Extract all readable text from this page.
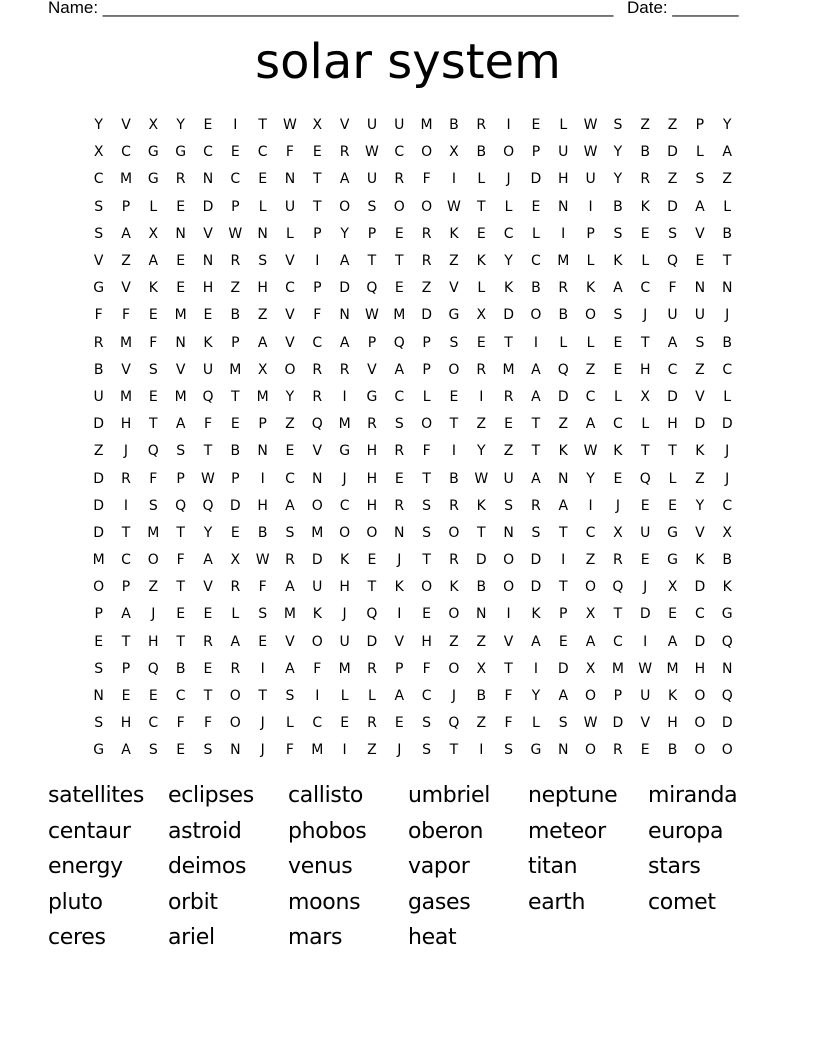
Name: ______________________________________________________ Date: _______
solar system
Y	V	X	Y	E	I	T	W	X	V	U	U	M	B	R	I	E	L	W	S	Z	Z	P	Y
X	C	G	G	C	E	C	F	E	R	W	C	O	X	B	O	P	U	W	Y	B	D	L	A
C	M	G	R	N	C	E	N	T	A	U	R	F	I	L	J	D	H	U	Y	R	Z	S	Z
S	P	L	E	D	P	L	U	T	O	S	O	O	W	T	L	E	N	I	B	K	D	A	L
S	A	X	N	V	W	N	L	P	Y	P	E	R	K	E	C	L	I	P	S	E	S	V	B
V	Z	A	E	N	R	S	V	I	A	T	T	R	Z	K	Y	C	M	L	K	L	Q	E	T
G	V	K	E	H	Z	H	C	P	D	Q	E	Z	V	L	K	B	R	K	A	C	F	N	N
F	F	E	M	E	B	Z	V	F	N	W	M	D	G	X	D	O	B	O	S	J	U	U	J
R	M	F	N	K	P	A	V	C	A	P	Q	P	S	E	T	I	L	L	E	T	A	S	B
B	V	S	V	U	M	X	O	R	R	V	A	P	O	R	M	A	Q	Z	E	H	C	Z	C
U	M	E	M	Q	T	M	Y	R	I	G	C	L	E	I	R	A	D	C	L	X	D	V	L
D	H	T	A	F	E	P	Z	Q	M	R	S	O	T	Z	E	T	Z	A	C	L	H	D	D
Z	J	Q	S	T	B	N	E	V	G	H	R	F	I	Y	Z	T	K	W	K	T	T	K	J
D	R	F	P	W	P	I	C	N	J	H	E	T	B	W	U	A	N	Y	E	Q	L	Z	J
D	I	S	Q	Q	D	H	A	O	C	H	R	S	R	K	S	R	A	I	J	E	E	Y	C
D	T	M	T	Y	E	B	S	M	O	O	N	S	O	T	N	S	T	C	X	U	G	V	X
M	C	O	F	A	X	W	R	D	K	E	J	T	R	D	O	D	I	Z	R	E	G	K	B
O	P	Z	T	V	R	F	A	U	H	T	K	O	K	B	O	D	T	O	Q	J	X	D	K
P	A	J	E	E	L	S	M	K	J	Q	I	E	O	N	I	K	P	X	T	D	E	C	G
E	T	H	T	R	A	E	V	O	U	D	V	H	Z	Z	V	A	E	A	C	I	A	D	Q
S	P	Q	B	E	R	I	A	F	M	R	P	F	O	X	T	I	D	X	M	W	M	H	N
N	E	E	C	T	O	T	S	I	L	L	A	C	J	B	F	Y	A	O	P	U	K	O	Q
S	H	C	F	F	O	J	L	C	E	R	E	S	Q	Z	F	L	S	W	D	V	H	O	D
G	A	S	E	S	N	J	F	M	I	Z	J	S	T	I	S	G	N	O	R	E	B	O	O
satellites	eclipses	callisto	umbriel	neptune	miranda
centaur	astroid	phobos	oberon	meteor	europa
energy	deimos	venus	vapor	titan	stars
pluto	orbit	moons	gases	earth	comet
ceres	ariel	mars	heat
